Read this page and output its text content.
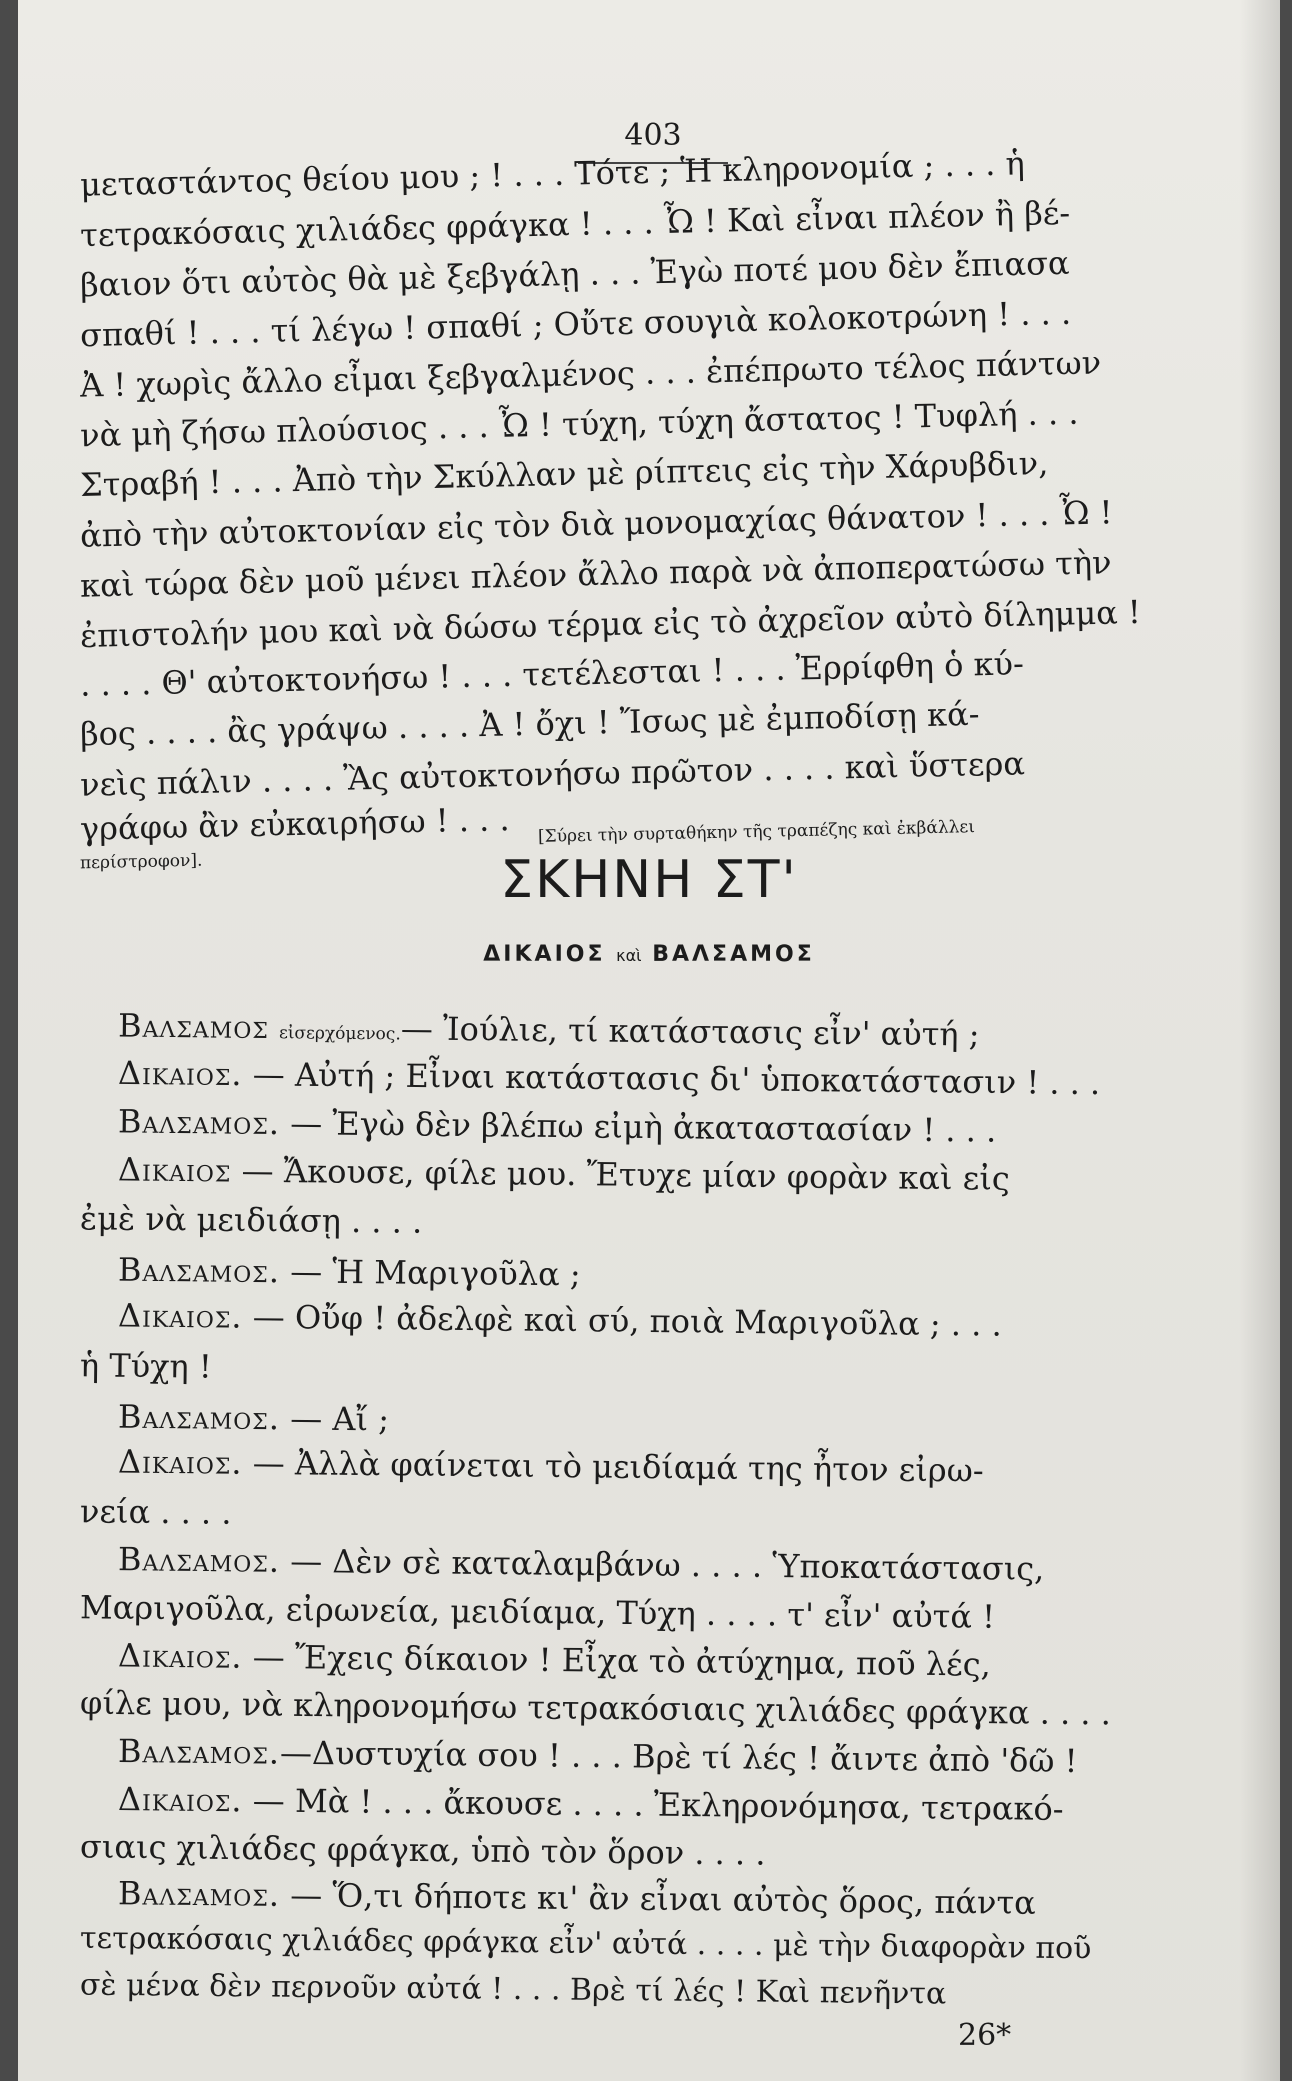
403
μεταστάντος θείου μου ; ! . . . Τότε ; Ἡ κληρονομία ; . . . ἡ
τετρακόσαις χιλιάδες φράγκα ! . . . Ὦ ! Καὶ εἶναι πλέον ἢ βέ-
βαιον ὅτι αὐτὸς θὰ μὲ ξεβγάλῃ . . . Ἐγὼ ποτέ μου δὲν ἔπιασα
σπαθί ! . . . τί λέγω ! σπαθί ; Οὔτε σουγιὰ κολοκοτρώνη ! . . .
Ἀ ! χωρὶς ἄλλο εἶμαι ξεβγαλμένος . . . ἐπέπρωτο τέλος πάντων
νὰ μὴ ζήσω πλούσιος . . . Ὦ ! τύχη, τύχη ἄστατος ! Τυφλή . . .
Στραβή ! . . . Ἀπὸ τὴν Σκύλλαν μὲ ρίπτεις εἰς τὴν Χάρυβδιν,
ἀπὸ τὴν αὐτοκτονίαν εἰς τὸν διὰ μονομαχίας θάνατον ! . . . Ὦ !
καὶ τώρα δὲν μοῦ μένει πλέον ἄλλο παρὰ νὰ ἀποπερατώσω τὴν
ἐπιστολήν μου καὶ νὰ δώσω τέρμα εἰς τὸ ἀχρεῖον αὐτὸ δίλημμα !
. . . . Θ' αὐτοκτονήσω ! . . . τετέλεσται ! . . . Ἐρρίφθη ὁ κύ-
βος . . . . ἂς γράψω . . . . Ἀ ! ὄχι ! Ἴσως μὲ ἐμποδίσῃ κά-
νεὶς πάλιν . . . . Ἂς αὐτοκτονήσω πρῶτον . . . . καὶ ὕστερα
γράφω ἂν εὐκαιρήσω ! . . . [Σύρει τὴν συρταθήκην τῆς τραπέζης καὶ ἐκβάλλει
περίστροφον].	ΣΚΗΝΗ ΣΤ'
ΔΙΚΑΙΟΣ καὶ ΒΑΛΣΑΜΟΣ
Βαλσαμος εἰσερχόμενος.— Ἰούλιε, τί κατάστασις εἶν' αὐτή ;
Δικαιος. — Αὐτή ; Εἶναι κατάστασις δι' ὑποκατάστασιν ! . . .
Βαλσαμος. — Ἐγὼ δὲν βλέπω εἰμὴ ἀκαταστασίαν ! . . .
Δικαιος — Ἄκουσε, φίλε μου. Ἔτυχε μίαν φορὰν καὶ εἰς
ἐμὲ νὰ μειδιάσῃ . . . .
Βαλσαμος. — Ἡ Μαριγοῦλα ;
Δικαιος. — Οὔφ ! ἀδελφὲ καὶ σύ, ποιὰ Μαριγοῦλα ; . . .
ἡ Τύχη !
Βαλσαμος. — Αἴ ;
Δικαιος. — Ἀλλὰ φαίνεται τὸ μειδίαμά της ἦτον εἰρω-
νεία . . . .
Βαλσαμος. — Δὲν σὲ καταλαμβάνω . . . . Ὑποκατάστασις,
Μαριγοῦλα, εἰρωνεία, μειδίαμα, Τύχη . . . . τ' εἶν' αὐτά !
Δικαιος. — Ἔχεις δίκαιον ! Εἶχα τὸ ἀτύχημα, ποῦ λές,
φίλε μου, νὰ κληρονομήσω τετρακόσιαις χιλιάδες φράγκα . . . .
Βαλσαμος.—Δυστυχία σου ! . . . Βρὲ τί λές ! ἄιντε ἀπὸ 'δῶ !
Δικαιος. — Μὰ ! . . . ἄκουσε . . . . Ἐκληρονόμησα, τετρακό-
σιαις χιλιάδες φράγκα, ὑπὸ τὸν ὅρον . . . .
Βαλσαμος. — Ὅ,τι δήποτε κι' ἂν εἶναι αὐτὸς ὅρος, πάντα
τετρακόσαις χιλιάδες φράγκα εἶν' αὐτά . . . . μὲ τὴν διαφορὰν ποῦ
σὲ μένα δὲν περνοῦν αὐτά ! . . . Βρὲ τί λές ! Καὶ πενῆντα
26*
